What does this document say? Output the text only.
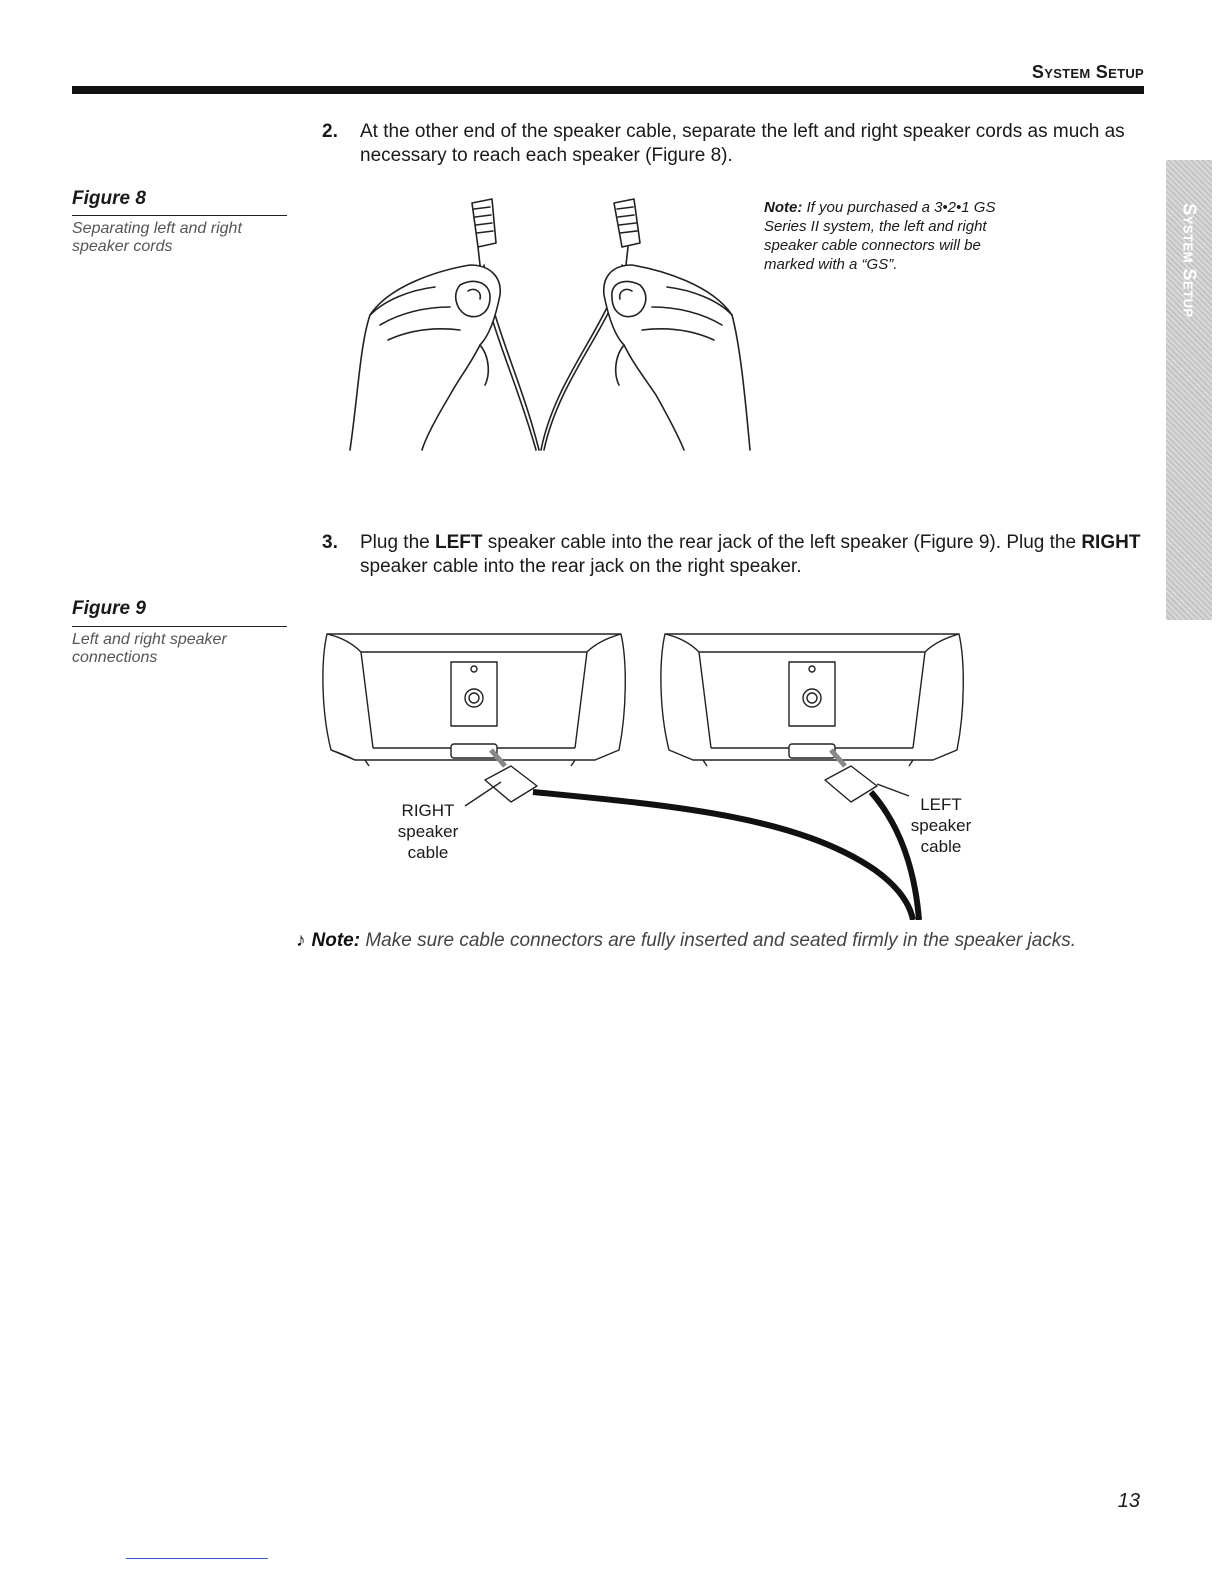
System Setup
System Setup
2. At the other end of the speaker cable, separate the left and right speaker cords as much as necessary to reach each speaker (Figure 8).
Figure 8
Separating left and right speaker cords
Note: If you purchased a 3•2•1 GS Series II system, the left and right speaker cable connectors will be marked with a “GS”.
3. Plug the LEFT speaker cable into the rear jack of the left speaker (Figure 9). Plug the RIGHT speaker cable into the rear jack on the right speaker.
Figure 9
Left and right speaker connections
RIGHT
speaker
cable
LEFT
speaker
cable
♪ Note: Make sure cable connectors are fully inserted and seated firmly in the speaker jacks.
13
